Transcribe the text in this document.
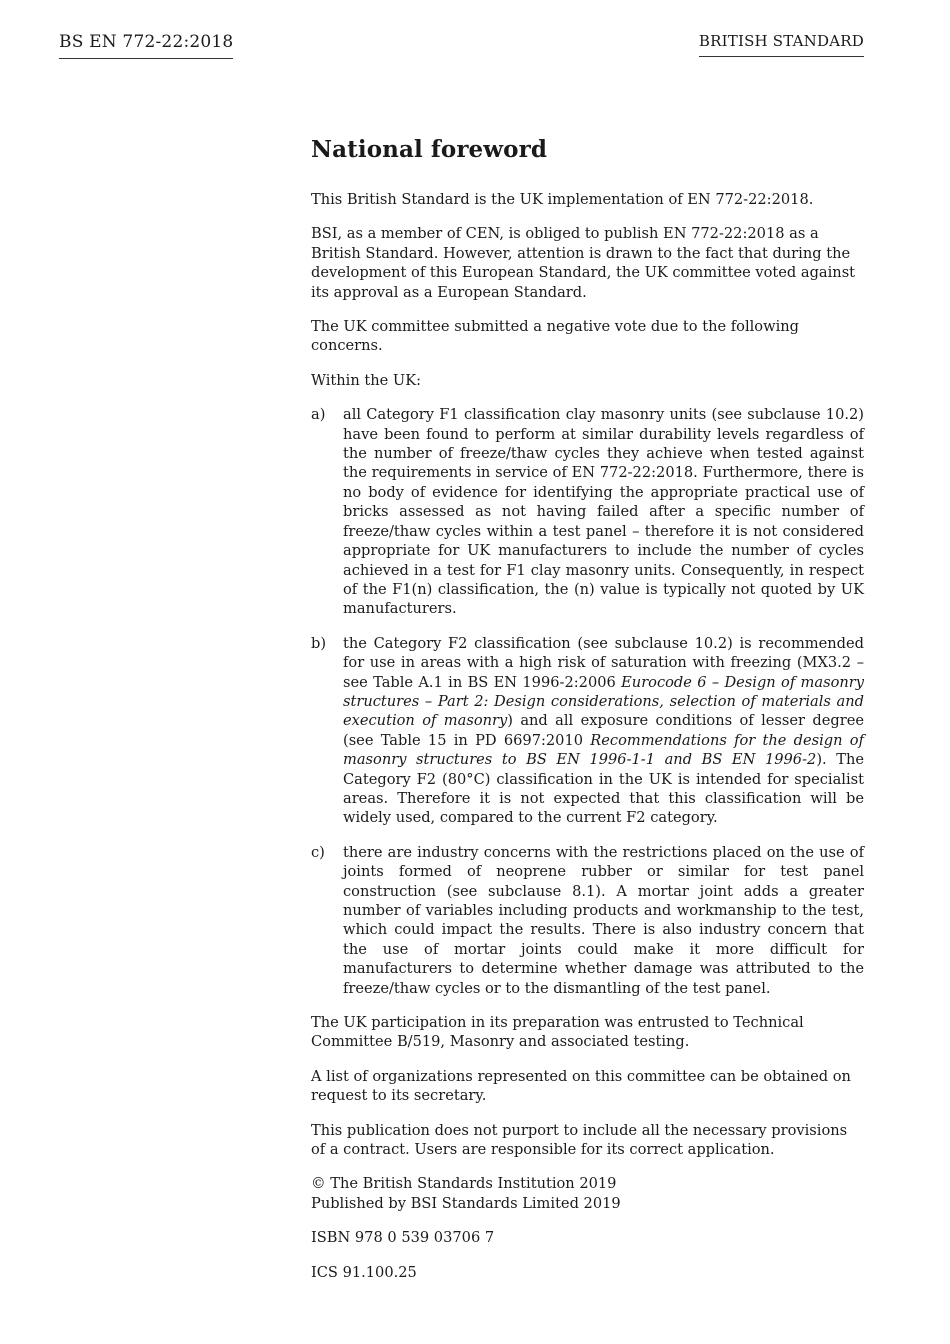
BS EN 772-22:2018	BRITISH STANDARD
National foreword

This British Standard is the UK implementation of EN 772-22:2018.

BSI, as a member of CEN, is obliged to publish EN 772-22:2018 as a British Standard. However, attention is drawn to the fact that during the development of this European Standard, the UK committee voted against its approval as a European Standard.

The UK committee submitted a negative vote due to the following concerns.

Within the UK:

a)	all Category F1 classification clay masonry units (see subclause 10.2) have been found to perform at similar durability levels regardless of the number of freeze/thaw cycles they achieve when tested against the requirements in service of EN 772-22:2018. Furthermore, there is no body of evidence for identifying the appropriate practical use of bricks assessed as not having failed after a specific number of freeze/thaw cycles within a test panel – therefore it is not considered appropriate for UK manufacturers to include the number of cycles achieved in a test for F1 clay masonry units. Consequently, in respect of the F1(n) classification, the (n) value is typically not quoted by UK manufacturers.
b)	the Category F2 classification (see subclause 10.2) is recommended for use in areas with a high risk of saturation with freezing (MX3.2 – see Table A.1 in BS EN 1996-2:2006 Eurocode 6 – Design of masonry structures – Part 2: Design considerations, selection of materials and execution of masonry) and all exposure conditions of lesser degree (see Table 15 in PD 6697:2010 Recommendations for the design of masonry structures to BS EN 1996-1-1 and BS EN 1996-2). The Category F2 (80°C) classification in the UK is intended for specialist areas. Therefore it is not expected that this classification will be widely used, compared to the current F2 category.
c)	there are industry concerns with the restrictions placed on the use of joints formed of neoprene rubber or similar for test panel construction (see subclause 8.1). A mortar joint adds a greater number of variables including products and workmanship to the test, which could impact the results. There is also industry concern that the use of mortar joints could make it more difficult for manufacturers to determine whether damage was attributed to the freeze/thaw cycles or to the dismantling of the test panel.

The UK participation in its preparation was entrusted to Technical Committee B/519, Masonry and associated testing.

A list of organizations represented on this committee can be obtained on request to its secretary.

This publication does not purport to include all the necessary provisions of a contract. Users are responsible for its correct application.

© The British Standards Institution 2019
Published by BSI Standards Limited 2019

ISBN 978 0 539 03706 7

ICS 91.100.25
